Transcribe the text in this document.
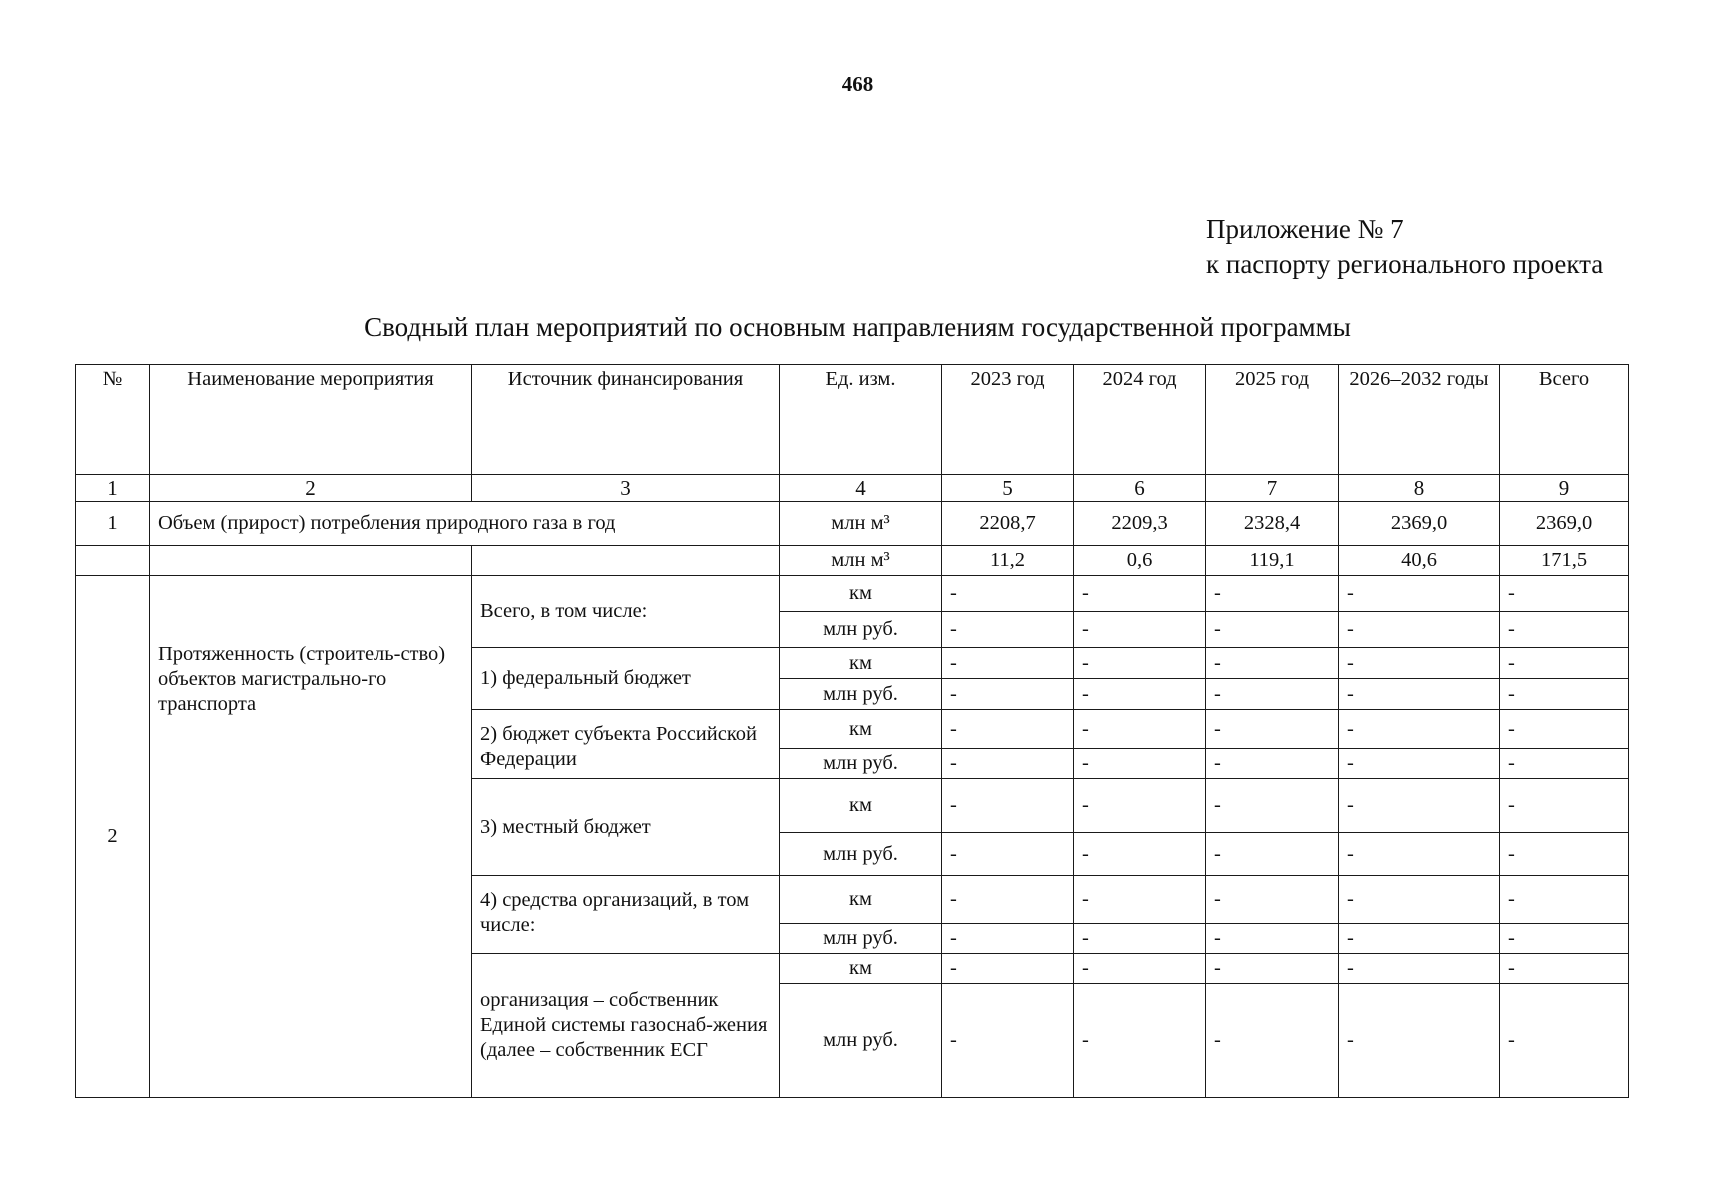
468
Приложение № 7
к паспорту регионального проекта
Сводный план мероприятий по основным направлениям государственной программы
№	Наименование мероприятия	Источник финансирования	Ед. изм.	2023 год	2024 год	2025 год	2026–2032 годы	Всего
1	2	3	4	5	6	7	8	9
1	Объем (прирост) потребления природного газа в год		млн м³	2208,7	2209,3	2328,4	2369,0	2369,0
			млн м³	11,2	0,6	119,1	40,6	171,5
2	Протяженность (строитель-ство) объектов магистрально-го транспорта	Всего, в том числе:	км	-	-	-	-	-
			млн руб.	-	-	-	-	-
		1) федеральный бюджет	км	-	-	-	-	-
			млн руб.	-	-	-	-	-
		2) бюджет субъекта Российской Федерации	км	-	-	-	-	-
			млн руб.	-	-	-	-	-
		3) местный бюджет	км	-	-	-	-	-
			млн руб.	-	-	-	-	-
		4) средства организаций, в том числе:	км	-	-	-	-	-
			млн руб.	-	-	-	-	-
		организация – собственник Единой системы газоснаб-жения (далее – собственник ЕСГ	км	-	-	-	-	-
			млн руб.	-	-	-	-	-
